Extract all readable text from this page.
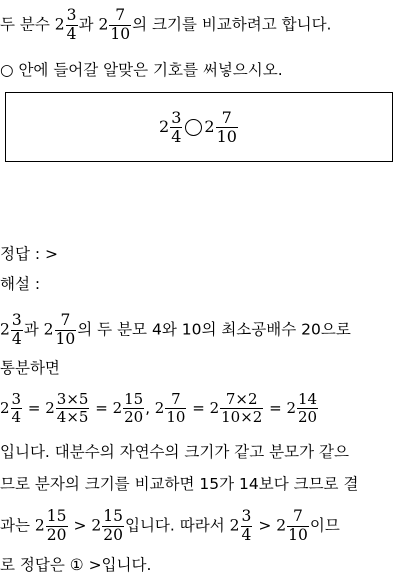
두 분수 $2 \frac{3}{4}$ 과 $2 \frac{7}{10}$ 의 크기를 비교하려고 합니다.
○ 안에 들어갈 알맞은 기호를 써넣으시오.
$2 \frac{3}{4} 2 \frac{7}{10}$
정답 : >
해설 :
$2 \frac{3}{4}$ 과 $2 \frac{7}{10}$ 의 두 분모 4와 10의 최소공배수 20으로
통분하면
$2 \frac{3}{4} = 2 \frac{3\times 5}{4\times 5} = 2 \frac{15}{20}$ , $2 \frac{7}{10} = 2 \frac{7\times 2}{10\times 2} = 2 \frac{14}{20}$
입니다. 대분수의 자연수의 크기가 같고 분모가 같으
므로 분자의 크기를 비교하면 15가 14보다 크므로 결
과는 $2 \frac{15}{20} > 2 \frac{15}{20}$ 입니다. 따라서 $2 \frac{3}{4} > 2 \frac{7}{10}$ 이므
로 정답은 ① >입니다.
